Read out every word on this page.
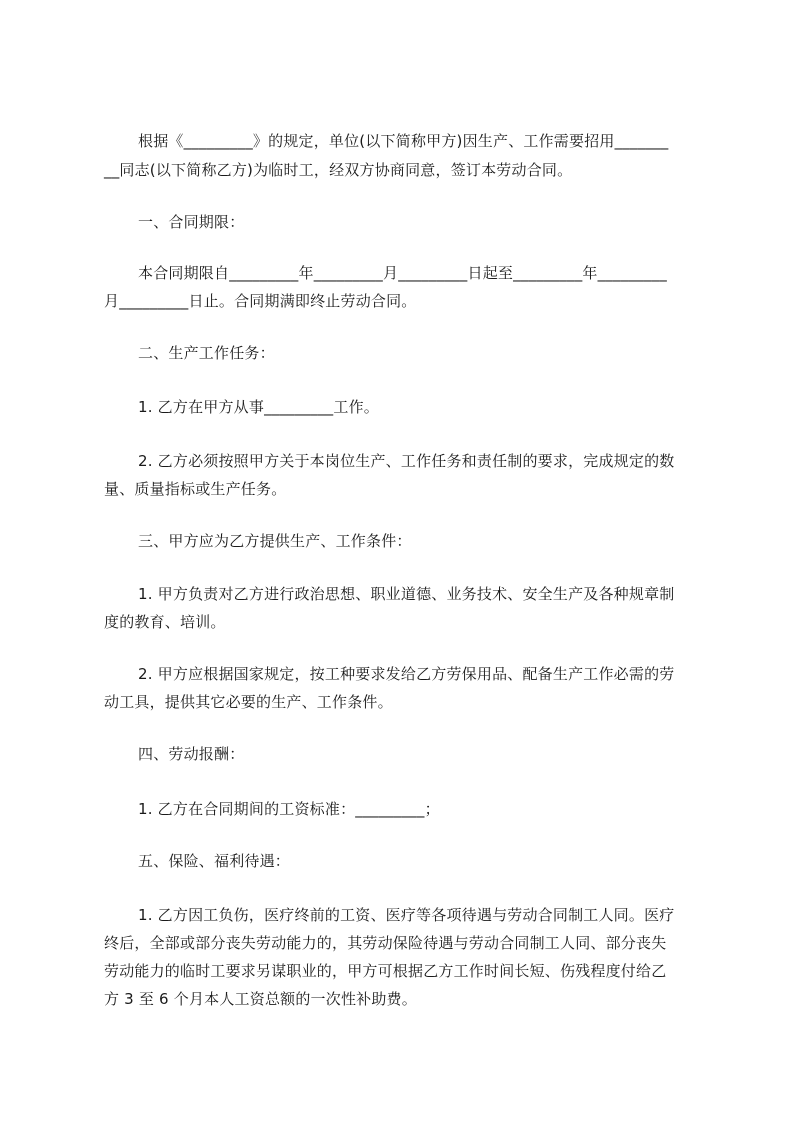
根据《_________》的规定，单位(以下简称甲方)因生产、工作需要招用_______
__同志(以下简称乙方)为临时工，经双方协商同意，签订本劳动合同。
一、合同期限：
本合同期限自_________年_________月_________日起至_________年_________
月_________日止。合同期满即终止劳动合同。
二、生产工作任务：
1. 乙方在甲方从事_________工作。
2. 乙方必须按照甲方关于本岗位生产、工作任务和责任制的要求，完成规定的数
量、质量指标或生产任务。
三、甲方应为乙方提供生产、工作条件：
1. 甲方负责对乙方进行政治思想、职业道德、业务技术、安全生产及各种规章制
度的教育、培训。
2. 甲方应根据国家规定，按工种要求发给乙方劳保用品、配备生产工作必需的劳
动工具，提供其它必要的生产、工作条件。
四、劳动报酬：
1. 乙方在合同期间的工资标准：_________；
五、保险、福利待遇：
1. 乙方因工负伤，医疗终前的工资、医疗等各项待遇与劳动合同制工人同。医疗
终后，全部或部分丧失劳动能力的，其劳动保险待遇与劳动合同制工人同、部分丧失
劳动能力的临时工要求另谋职业的，甲方可根据乙方工作时间长短、伤残程度付给乙
方 3 至 6 个月本人工资总额的一次性补助费。
